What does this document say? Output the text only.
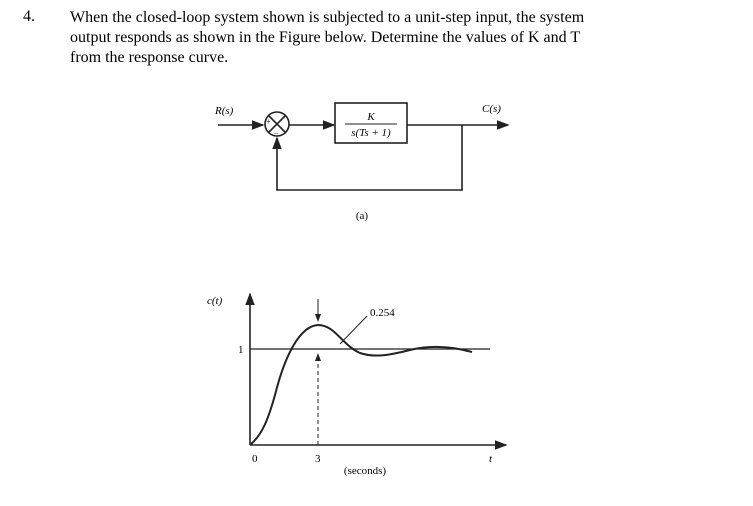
4. When the closed-loop system shown is subjected to a unit-step input, the system
output responds as shown in the Figure below. Determine the values of K and T
from the response curve.
R(s)	C(s)
+
−
K
s(Ts + 1)
(a)
c(t)
1
0	3	t
(seconds)
0.254
